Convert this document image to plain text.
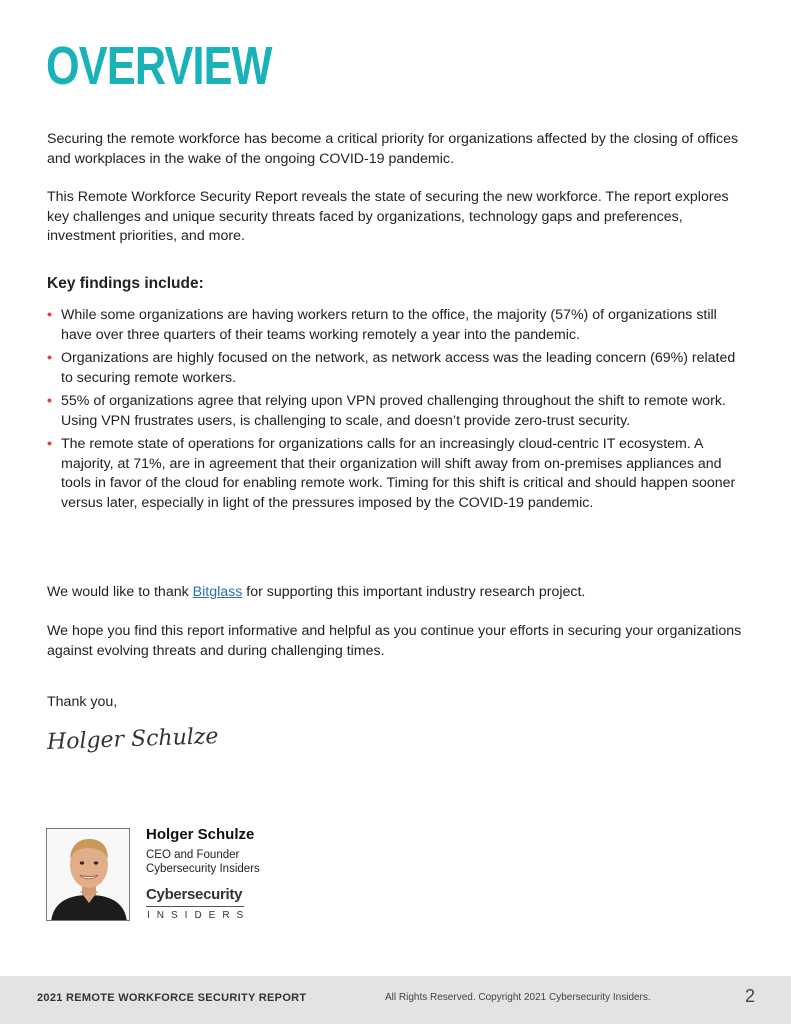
OVERVIEW

Securing the remote workforce has become a critical priority for organizations affected by the closing of offices and workplaces in the wake of the ongoing COVID-19 pandemic.

This Remote Workforce Security Report reveals the state of securing the new workforce. The report explores key challenges and unique security threats faced by organizations, technology gaps and preferences, investment priorities, and more.

Key findings include:
• While some organizations are having workers return to the office, the majority (57%) of organizations still have over three quarters of their teams working remotely a year into the pandemic.
• Organizations are highly focused on the network, as network access was the leading concern (69%) related to securing remote workers.
• 55% of organizations agree that relying upon VPN proved challenging throughout the shift to remote work. Using VPN frustrates users, is challenging to scale, and doesn’t provide zero-trust security.
• The remote state of operations for organizations calls for an increasingly cloud-centric IT ecosystem. A majority, at 71%, are in agreement that their organization will shift away from on-premises appliances and tools in favor of the cloud for enabling remote work. Timing for this shift is critical and should happen sooner versus later, especially in light of the pressures imposed by the COVID-19 pandemic.

We would like to thank Bitglass for supporting this important industry research project.

We hope you find this report informative and helpful as you continue your efforts in securing your organizations against evolving threats and during challenging times.

Thank you,

Holger Schulze
Holger Schulze
CEO and Founder
Cybersecurity Insiders
Cybersecurity
INSIDERS
2021 REMOTE WORKFORCE SECURITY REPORT	All Rights Reserved. Copyright 2021 Cybersecurity Insiders.	2
